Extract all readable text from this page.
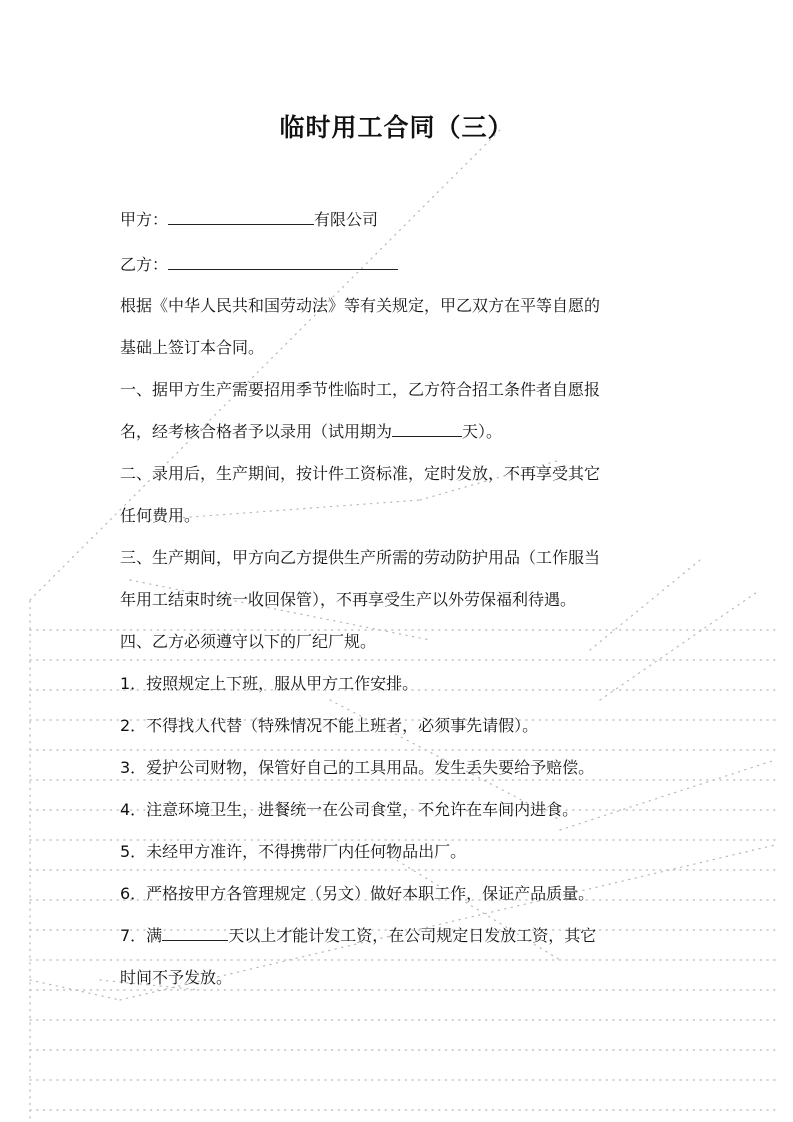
临时用工合同（三）

甲方：	有限公司

乙方：

根据《中华人民共和国劳动法》等有关规定，甲乙双方在平等自愿的

基础上签订本合同。

一、据甲方生产需要招用季节性临时工，乙方符合招工条件者自愿报

名，经考核合格者予以录用（试用期为	天）。

二、录用后，生产期间，按计件工资标准，定时发放，不再享受其它

任何费用。

三、生产期间，甲方向乙方提供生产所需的劳动防护用品（工作服当

年用工结束时统一收回保管），不再享受生产以外劳保福利待遇。

四、乙方必须遵守以下的厂纪厂规。

1．按照规定上下班，服从甲方工作安排。

2．不得找人代替（特殊情况不能上班者，必须事先请假）。

3．爱护公司财物，保管好自己的工具用品。发生丢失要给予赔偿。

4．注意环境卫生，进餐统一在公司食堂，不允许在车间内进食。

5．未经甲方准许，不得携带厂内任何物品出厂。

6．严格按甲方各管理规定（另文）做好本职工作，保证产品质量。

7．满	天以上才能计发工资，在公司规定日发放工资，其它

时间不予发放。
